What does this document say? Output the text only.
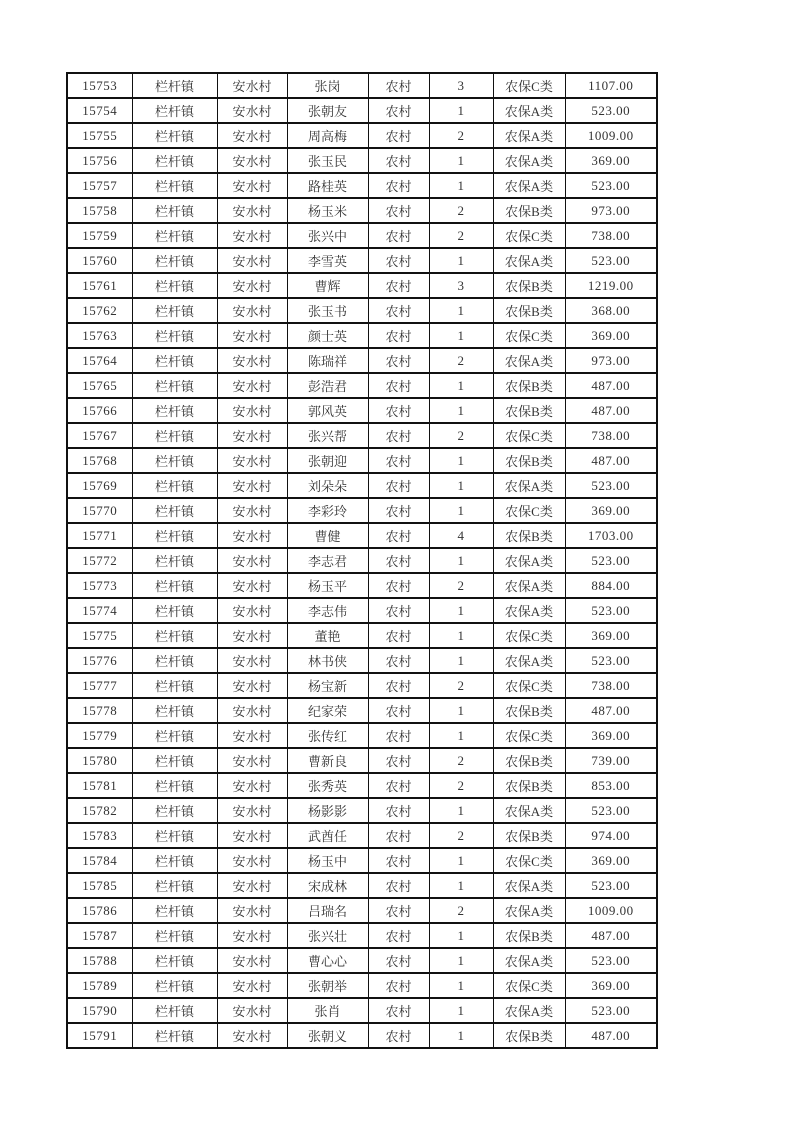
15753	栏杆镇	安水村	张岗	农村	3	农保C类	1107.00
15754	栏杆镇	安水村	张朝友	农村	1	农保A类	523.00
15755	栏杆镇	安水村	周高梅	农村	2	农保A类	1009.00
15756	栏杆镇	安水村	张玉民	农村	1	农保A类	369.00
15757	栏杆镇	安水村	路桂英	农村	1	农保A类	523.00
15758	栏杆镇	安水村	杨玉米	农村	2	农保B类	973.00
15759	栏杆镇	安水村	张兴中	农村	2	农保C类	738.00
15760	栏杆镇	安水村	李雪英	农村	1	农保A类	523.00
15761	栏杆镇	安水村	曹辉	农村	3	农保B类	1219.00
15762	栏杆镇	安水村	张玉书	农村	1	农保B类	368.00
15763	栏杆镇	安水村	颜士英	农村	1	农保C类	369.00
15764	栏杆镇	安水村	陈瑞祥	农村	2	农保A类	973.00
15765	栏杆镇	安水村	彭浩君	农村	1	农保B类	487.00
15766	栏杆镇	安水村	郭风英	农村	1	农保B类	487.00
15767	栏杆镇	安水村	张兴帮	农村	2	农保C类	738.00
15768	栏杆镇	安水村	张朝迎	农村	1	农保B类	487.00
15769	栏杆镇	安水村	刘朵朵	农村	1	农保A类	523.00
15770	栏杆镇	安水村	李彩玲	农村	1	农保C类	369.00
15771	栏杆镇	安水村	曹健	农村	4	农保B类	1703.00
15772	栏杆镇	安水村	李志君	农村	1	农保A类	523.00
15773	栏杆镇	安水村	杨玉平	农村	2	农保A类	884.00
15774	栏杆镇	安水村	李志伟	农村	1	农保A类	523.00
15775	栏杆镇	安水村	董艳	农村	1	农保C类	369.00
15776	栏杆镇	安水村	林书侠	农村	1	农保A类	523.00
15777	栏杆镇	安水村	杨宝新	农村	2	农保C类	738.00
15778	栏杆镇	安水村	纪家荣	农村	1	农保B类	487.00
15779	栏杆镇	安水村	张传红	农村	1	农保C类	369.00
15780	栏杆镇	安水村	曹新良	农村	2	农保B类	739.00
15781	栏杆镇	安水村	张秀英	农村	2	农保B类	853.00
15782	栏杆镇	安水村	杨影影	农村	1	农保A类	523.00
15783	栏杆镇	安水村	武酋任	农村	2	农保B类	974.00
15784	栏杆镇	安水村	杨玉中	农村	1	农保C类	369.00
15785	栏杆镇	安水村	宋成林	农村	1	农保A类	523.00
15786	栏杆镇	安水村	吕瑞名	农村	2	农保A类	1009.00
15787	栏杆镇	安水村	张兴壮	农村	1	农保B类	487.00
15788	栏杆镇	安水村	曹心心	农村	1	农保A类	523.00
15789	栏杆镇	安水村	张朝举	农村	1	农保C类	369.00
15790	栏杆镇	安水村	张肖	农村	1	农保A类	523.00
15791	栏杆镇	安水村	张朝义	农村	1	农保B类	487.00
